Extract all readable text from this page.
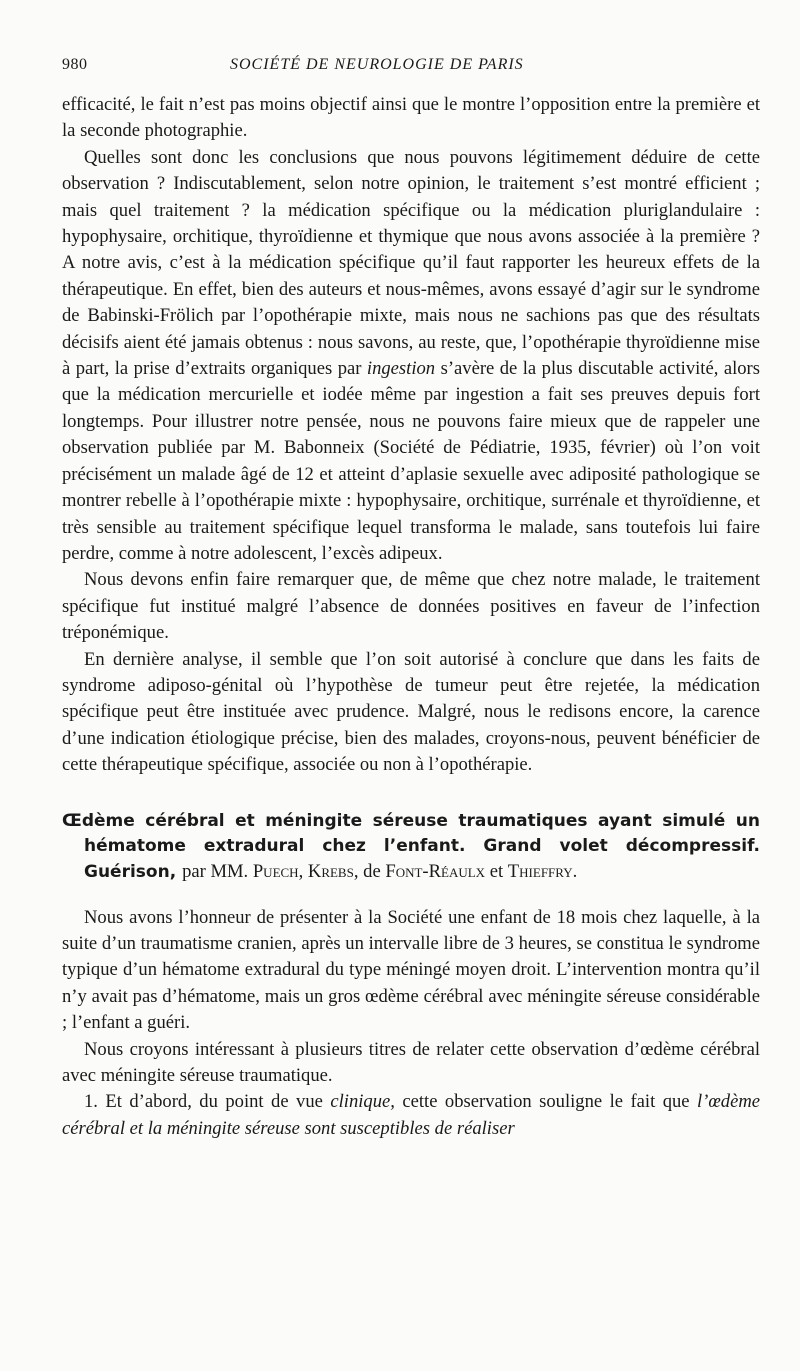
980	SOCIÉTÉ DE NEUROLOGIE DE PARIS

efficacité, le fait n’est pas moins objectif ainsi que le montre l’opposition entre la première et la seconde photographie.

Quelles sont donc les conclusions que nous pouvons légitimement déduire de cette observation ? Indiscutablement, selon notre opinion, le traitement s’est montré efficient ; mais quel traitement ? la médication spécifique ou la médication pluriglandulaire : hypophysaire, orchitique, thyroïdienne et thymique que nous avons associée à la première ? A notre avis, c’est à la médication spécifique qu’il faut rapporter les heureux effets de la thérapeutique. En effet, bien des auteurs et nous-mêmes, avons essayé d’agir sur le syndrome de Babinski-Frölich par l’opothérapie mixte, mais nous ne sachions pas que des résultats décisifs aient été jamais obtenus : nous savons, au reste, que, l’opothérapie thyroïdienne mise à part, la prise d’extraits organiques par ingestion s’avère de la plus discutable activité, alors que la médication mercurielle et iodée même par ingestion a fait ses preuves depuis fort longtemps. Pour illustrer notre pensée, nous ne pouvons faire mieux que de rappeler une observation publiée par M. Babonneix (Société de Pédiatrie, 1935, février) où l’on voit précisément un malade âgé de 12 et atteint d’aplasie sexuelle avec adiposité pathologique se montrer rebelle à l’opothérapie mixte : hypophysaire, orchitique, surrénale et thyroïdienne, et très sensible au traitement spécifique lequel transforma le malade, sans toutefois lui faire perdre, comme à notre adolescent, l’excès adipeux.

Nous devons enfin faire remarquer que, de même que chez notre malade, le traitement spécifique fut institué malgré l’absence de données positives en faveur de l’infection tréponémique.

En dernière analyse, il semble que l’on soit autorisé à conclure que dans les faits de syndrome adiposo-génital où l’hypothèse de tumeur peut être rejetée, la médication spécifique peut être instituée avec prudence. Malgré, nous le redisons encore, la carence d’une indication étiologique précise, bien des malades, croyons-nous, peuvent bénéficier de cette thérapeutique spécifique, associée ou non à l’opothérapie.

Œdème cérébral et méningite séreuse traumatiques ayant simulé un hématome extradural chez l’enfant. Grand volet décompressif. Guérison, par MM. Puech, Krebs, de Font-Réaulx et Thieffry.

Nous avons l’honneur de présenter à la Société une enfant de 18 mois chez laquelle, à la suite d’un traumatisme cranien, après un intervalle libre de 3 heures, se constitua le syndrome typique d’un hématome extradural du type méningé moyen droit. L’intervention montra qu’il n’y avait pas d’hématome, mais un gros œdème cérébral avec méningite séreuse considérable ; l’enfant a guéri.

Nous croyons intéressant à plusieurs titres de relater cette observation d’œdème cérébral avec méningite séreuse traumatique.

1. Et d’abord, du point de vue clinique, cette observation souligne le fait que l’œdème cérébral et la méningite séreuse sont susceptibles de réaliser
